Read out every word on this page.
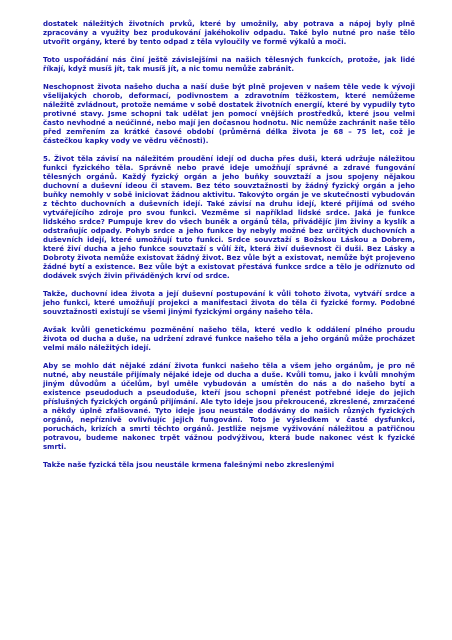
dostatek náležitých životních prvků, které by umožnily, aby potrava a nápoj byly plně zpracovány a využity bez produkování jakéhokoliv odpadu. Také bylo nutné pro naše tělo utvořit orgány, které by tento odpad z těla vyloučily ve formě výkalů a moči.

Toto uspořádání nás činí ještě závislejšími na našich tělesných funkcích, protože, jak lidé říkají, když musíš jít, tak musíš jít, a nic tomu nemůže zabránit.

Neschopnost života našeho ducha a naší duše být plně projeven v našem těle vede k vývoji všelijakých chorob, deformací, podivnostem a zdravotním těžkostem, které nemůžeme náležitě zvládnout, protože nemáme v sobě dostatek životních energií, které by vypudily tyto protivné stavy. Jsme schopni tak udělat jen pomocí vnějších prostředků, které jsou velmi často nevhodné a neúčinné, nebo mají jen dočasnou hodnotu. Nic nemůže zachránit naše tělo před zemřením za krátké časové období (průměrná délka života je 68 – 75 let, což je částečkou kapky vody ve vědru věčnosti).

5. Život těla závisí na náležitém proudění idejí od ducha přes duši, která udržuje náležitou funkci fyzického těla. Správně nebo pravé ideje umožňují správné a zdravé fungování tělesných orgánů. Každý fyzický orgán a jeho buňky souvztaží a jsou spojeny nějakou duchovní a duševní ideou či stavem. Bez této souvztažnosti by žádný fyzický orgán a jeho buňky nemohly v sobě iniciovat žádnou aktivitu. Takovýto orgán je ve skutečnosti vybudován z těchto duchovních a duševních idejí. Také závisí na druhu idejí, které přijímá od svého vytvářejícího zdroje pro svou funkci. Vezměme si například lidské srdce. Jaká je funkce lidského srdce? Pumpuje krev do všech buněk a orgánů těla, přivádějíc jim živiny a kyslík a odstraňujíc odpady. Pohyb srdce a jeho funkce by nebyly možné bez určitých duchovních a duševních idejí, které umožňují tuto funkci. Srdce souvztaží s Božskou Láskou a Dobrem, které živí ducha a jeho funkce souvztaží s vůlí žít, která živí duševnost či duši. Bez Lásky a Dobroty života nemůže existovat žádný život. Bez vůle být a existovat, nemůže být projeveno žádné bytí a existence. Bez vůle být a existovat přestává funkce srdce a tělo je odříznuto od dodávek svých živin přiváděných krví od srdce.

Takže, duchovní idea života a její duševní postupování k vůli tohoto života, vytváří srdce a jeho funkci, které umožňují projekci a manifestaci života do těla či fyzické formy. Podobné souvztažnosti existují se všemi jinými fyzickými orgány našeho těla.

Avšak kvůli genetickému pozměnění našeho těla, které vedlo k oddálení plného proudu života od ducha a duše, na udržení zdravé funkce našeho těla a jeho orgánů může procházet velmi málo náležitých idejí.

Aby se mohlo dát nějaké zdání života funkci našeho těla a všem jeho orgánům, je pro ně nutné, aby neustále přijímaly nějaké ideje od ducha a duše. Kvůli tomu, jako i kvůli mnohým jiným důvodům a účelům, byl uměle vybudován a umístěn do nás a do našeho bytí a existence pseudoduch a pseudoduše, kteří jsou schopni přenést potřebné ideje do jejich příslušných fyzických orgánů přijímání. Ale tyto ideje jsou překroucené, zkreslené, zmrzačené a někdy úplně zfalšované. Tyto ideje jsou neustále dodávány do našich různých fyzických orgánů, nepříznivě ovlivňujíc jejich fungování. Toto je výsledkem v časté dysfunkci, poruchách, krizích a smrti těchto orgánů. Jestliže nejsme vyživování náležitou a patřičnou potravou, budeme nakonec trpět vážnou podvýživou, která bude nakonec vést k fyzické smrti.

Takže naše fyzická těla jsou neustále krmena falešnými nebo zkreslenými
